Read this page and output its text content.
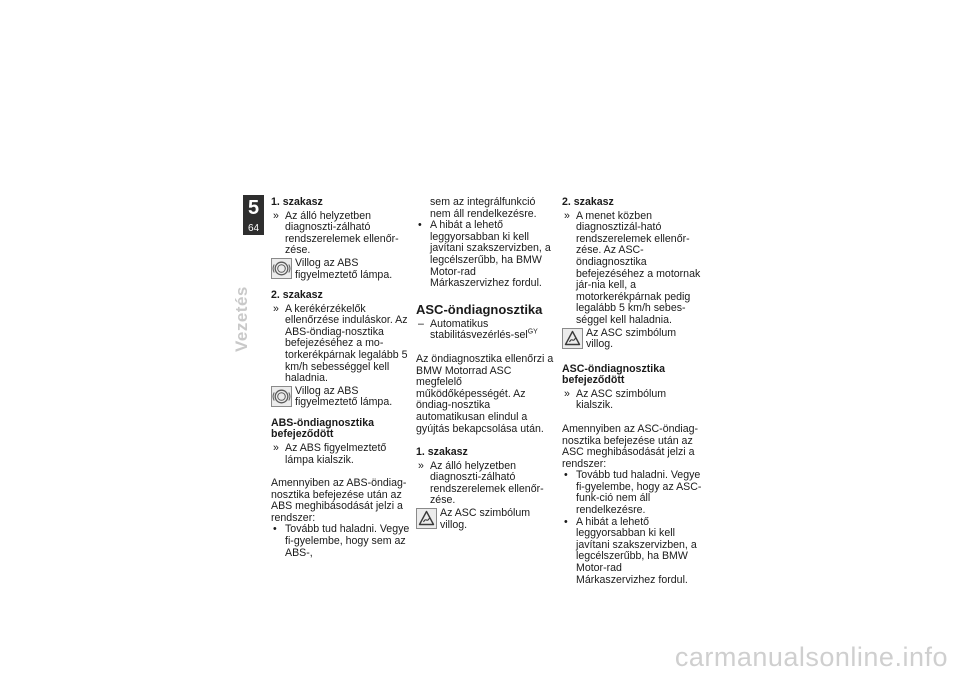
5
64
Vezetés
1. szakasz
» Az álló helyzetben diagnoszti-zálható rendszerelemek ellenőr-zése.
Villog az ABS figyelmeztető lámpa.
2. szakasz
» A kerékérzékelők ellenőrzése induláskor. Az ABS-öndiag-nosztika befejezéséhez a mo-torkerékpárnak legalább 5 km/h sebességgel kell haladnia.
Villog az ABS figyelmeztető lámpa.
ABS-öndiagnosztika befejeződött
» Az ABS figyelmeztető lámpa kialszik.

Amennyiben az ABS-öndiag-nosztika befejezése után az ABS meghibásodását jelzi a rendszer:

• Tovább tud haladni. Vegye fi-gyelembe, hogy sem az ABS-,
sem az integrálfunkció nem áll rendelkezésre.
• A hibát a lehető leggyorsabban ki kell javítani szakszervizben, a legcélszerűbb, ha BMW Motor-rad Márkaszervizhez fordul.
ASC-öndiagnosztika
– Automatikus stabilitásvezérlés-sel$^{GY}$

Az öndiagnosztika ellenőrzi a BMW Motorrad ASC megfelelő működőképességét. Az öndiag-nosztika automatikusan elindul a gyújtás bekapcsolása után.

1. szakasz
» Az álló helyzetben diagnoszti-zálható rendszerelemek ellenőr-zése.
Az ASC szimbólum villog.
2. szakasz
» A menet közben diagnosztizál-ható rendszerelemek ellenőr-zése. Az ASC-öndiagnosztika befejezéséhez a motornak jár-nia kell, a motorkerékpárnak pedig legalább 5 km/h sebes-séggel kell haladnia.
Az ASC szimbólum villog.
ASC-öndiagnosztika befejeződött
» Az ASC szimbólum kialszik.

Amennyiben az ASC-öndiag-nosztika befejezése után az ASC meghibásodását jelzi a rendszer:

• Tovább tud haladni. Vegye fi-gyelembe, hogy az ASC-funk-ció nem áll rendelkezésre.
• A hibát a lehető leggyorsabban ki kell javítani szakszervizben, a legcélszerűbb, ha BMW Motor-rad Márkaszervizhez fordul.
carmanualsonline.info
